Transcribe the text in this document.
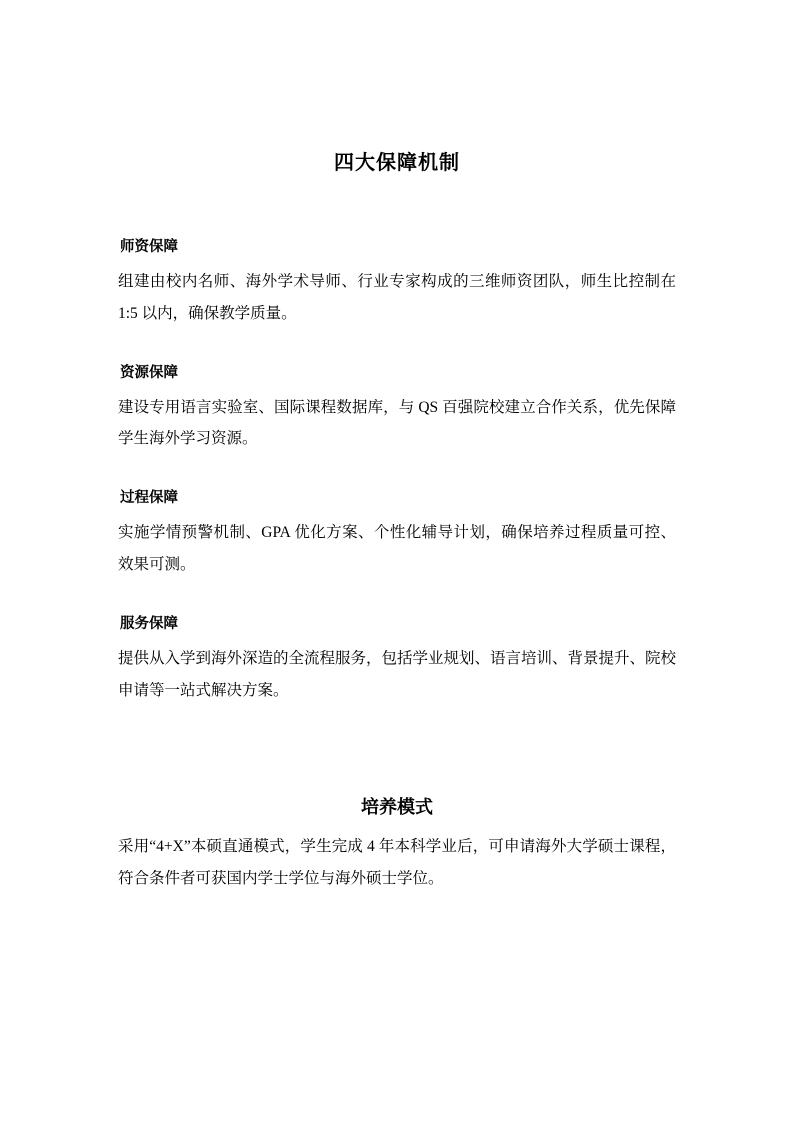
四大保障机制
师资保障

组建由校内名师、海外学术导师、行业专家构成的三维师资团队，师生比控制在 1:5 以内，确保教学质量。

资源保障

建设专用语言实验室、国际课程数据库，与 QS 百强院校建立合作关系，优先保障学生海外学习资源。

过程保障

实施学情预警机制、GPA 优化方案、个性化辅导计划，确保培养过程质量可控、效果可测。

服务保障

提供从入学到海外深造的全流程服务，包括学业规划、语言培训、背景提升、院校申请等一站式解决方案。

培养模式

采用“4+X”本硕直通模式，学生完成 4 年本科学业后，可申请海外大学硕士课程，符合条件者可获国内学士学位与海外硕士学位。
